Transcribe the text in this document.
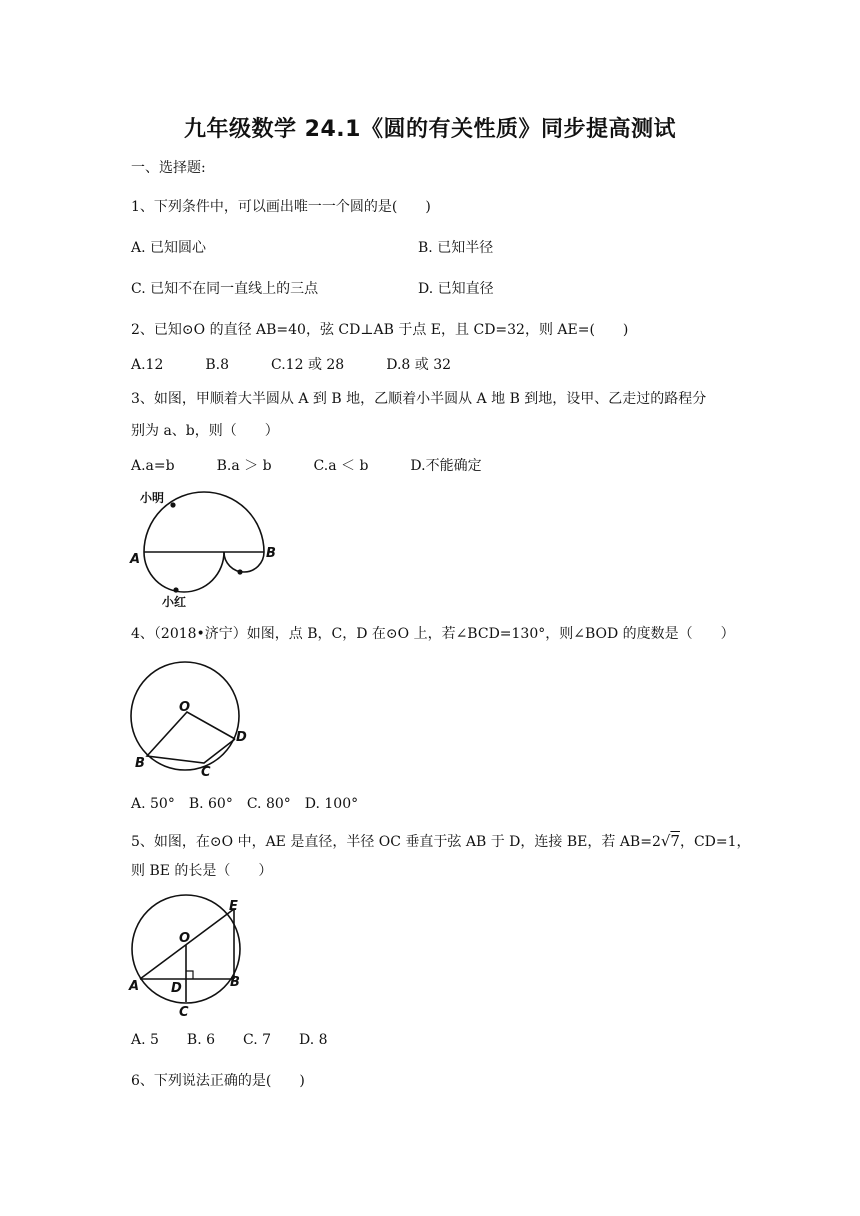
九年级数学 24.1《圆的有关性质》同步提高测试
一、选择题:
1、下列条件中，可以画出唯一一个圆的是(　　)
A. 已知圆心	B. 已知半径
C. 已知不在同一直线上的三点	D. 已知直径
2、已知⊙O 的直径 AB=40，弦 CD⊥AB 于点 E，且 CD=32，则 AE=(　　)
A.12　　　B.8　　　C.12 或 28　　　D.8 或 32
3、如图，甲顺着大半圆从 A 到 B 地，乙顺着小半圆从 A 地 B 到地，设甲、乙走过的路程分
别为 a、b，则（　　）
A.a=b　　　B.a ＞ b　　　C.a ＜ b　　　D.不能确定
小明
小红
A	B
4、（2018•济宁）如图，点 B，C，D 在⊙O 上，若∠BCD=130°，则∠BOD 的度数是（　　）
O
B
C
D
A. 50°　B. 60°　C. 80°　D. 100°
5、如图，在⊙O 中，AE 是直径，半径 OC 垂直于弦 AB 于 D，连接 BE，若 AB=2√7，CD=1，
则 BE 的长是（　　）
O
A	B
C
D
E
A. 5　　B. 6　　C. 7　　D. 8
6、下列说法正确的是(　　)
